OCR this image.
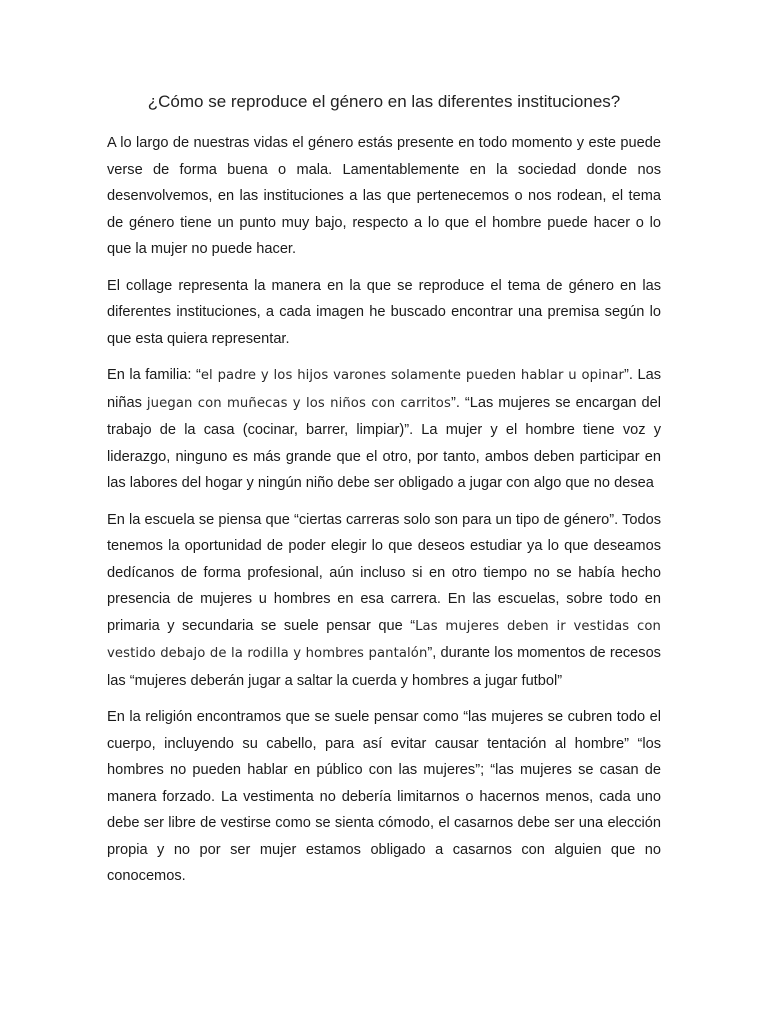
¿Cómo se reproduce el género en las diferentes instituciones?

A lo largo de nuestras vidas el género estás presente en todo momento y este puede verse de forma buena o mala. Lamentablemente en la sociedad donde nos desenvolvemos, en las instituciones a las que pertenecemos o nos rodean, el tema de género tiene un punto muy bajo, respecto a lo que el hombre puede hacer o lo que la mujer no puede hacer.

El collage representa la manera en la que se reproduce el tema de género en las diferentes instituciones, a cada imagen he buscado encontrar una premisa según lo que esta quiera representar.

En la familia: “el padre y los hijos varones solamente pueden hablar u opinar”. Las niñas juegan con muñecas y los niños con carritos”. “Las mujeres se encargan del trabajo de la casa (cocinar, barrer, limpiar)”. La mujer y el hombre tiene voz y liderazgo, ninguno es más grande que el otro, por tanto, ambos deben participar en las labores del hogar y ningún niño debe ser obligado a jugar con algo que no desea

En la escuela se piensa que “ciertas carreras solo son para un tipo de género”. Todos tenemos la oportunidad de poder elegir lo que deseos estudiar ya lo que deseamos dedícanos de forma profesional, aún incluso si en otro tiempo no se había hecho presencia de mujeres u hombres en esa carrera. En las escuelas, sobre todo en primaria y secundaria se suele pensar que “Las mujeres deben ir vestidas con vestido debajo de la rodilla y hombres pantalón”, durante los momentos de recesos las “mujeres deberán jugar a saltar la cuerda y hombres a jugar futbol”

En la religión encontramos que se suele pensar como “las mujeres se cubren todo el cuerpo, incluyendo su cabello, para así evitar causar tentación al hombre” “los hombres no pueden hablar en público con las mujeres”; “las mujeres se casan de manera forzado. La vestimenta no debería limitarnos o hacernos menos, cada uno debe ser libre de vestirse como se sienta cómodo, el casarnos debe ser una elección propia y no por ser mujer estamos obligado a casarnos con alguien que no conocemos.
